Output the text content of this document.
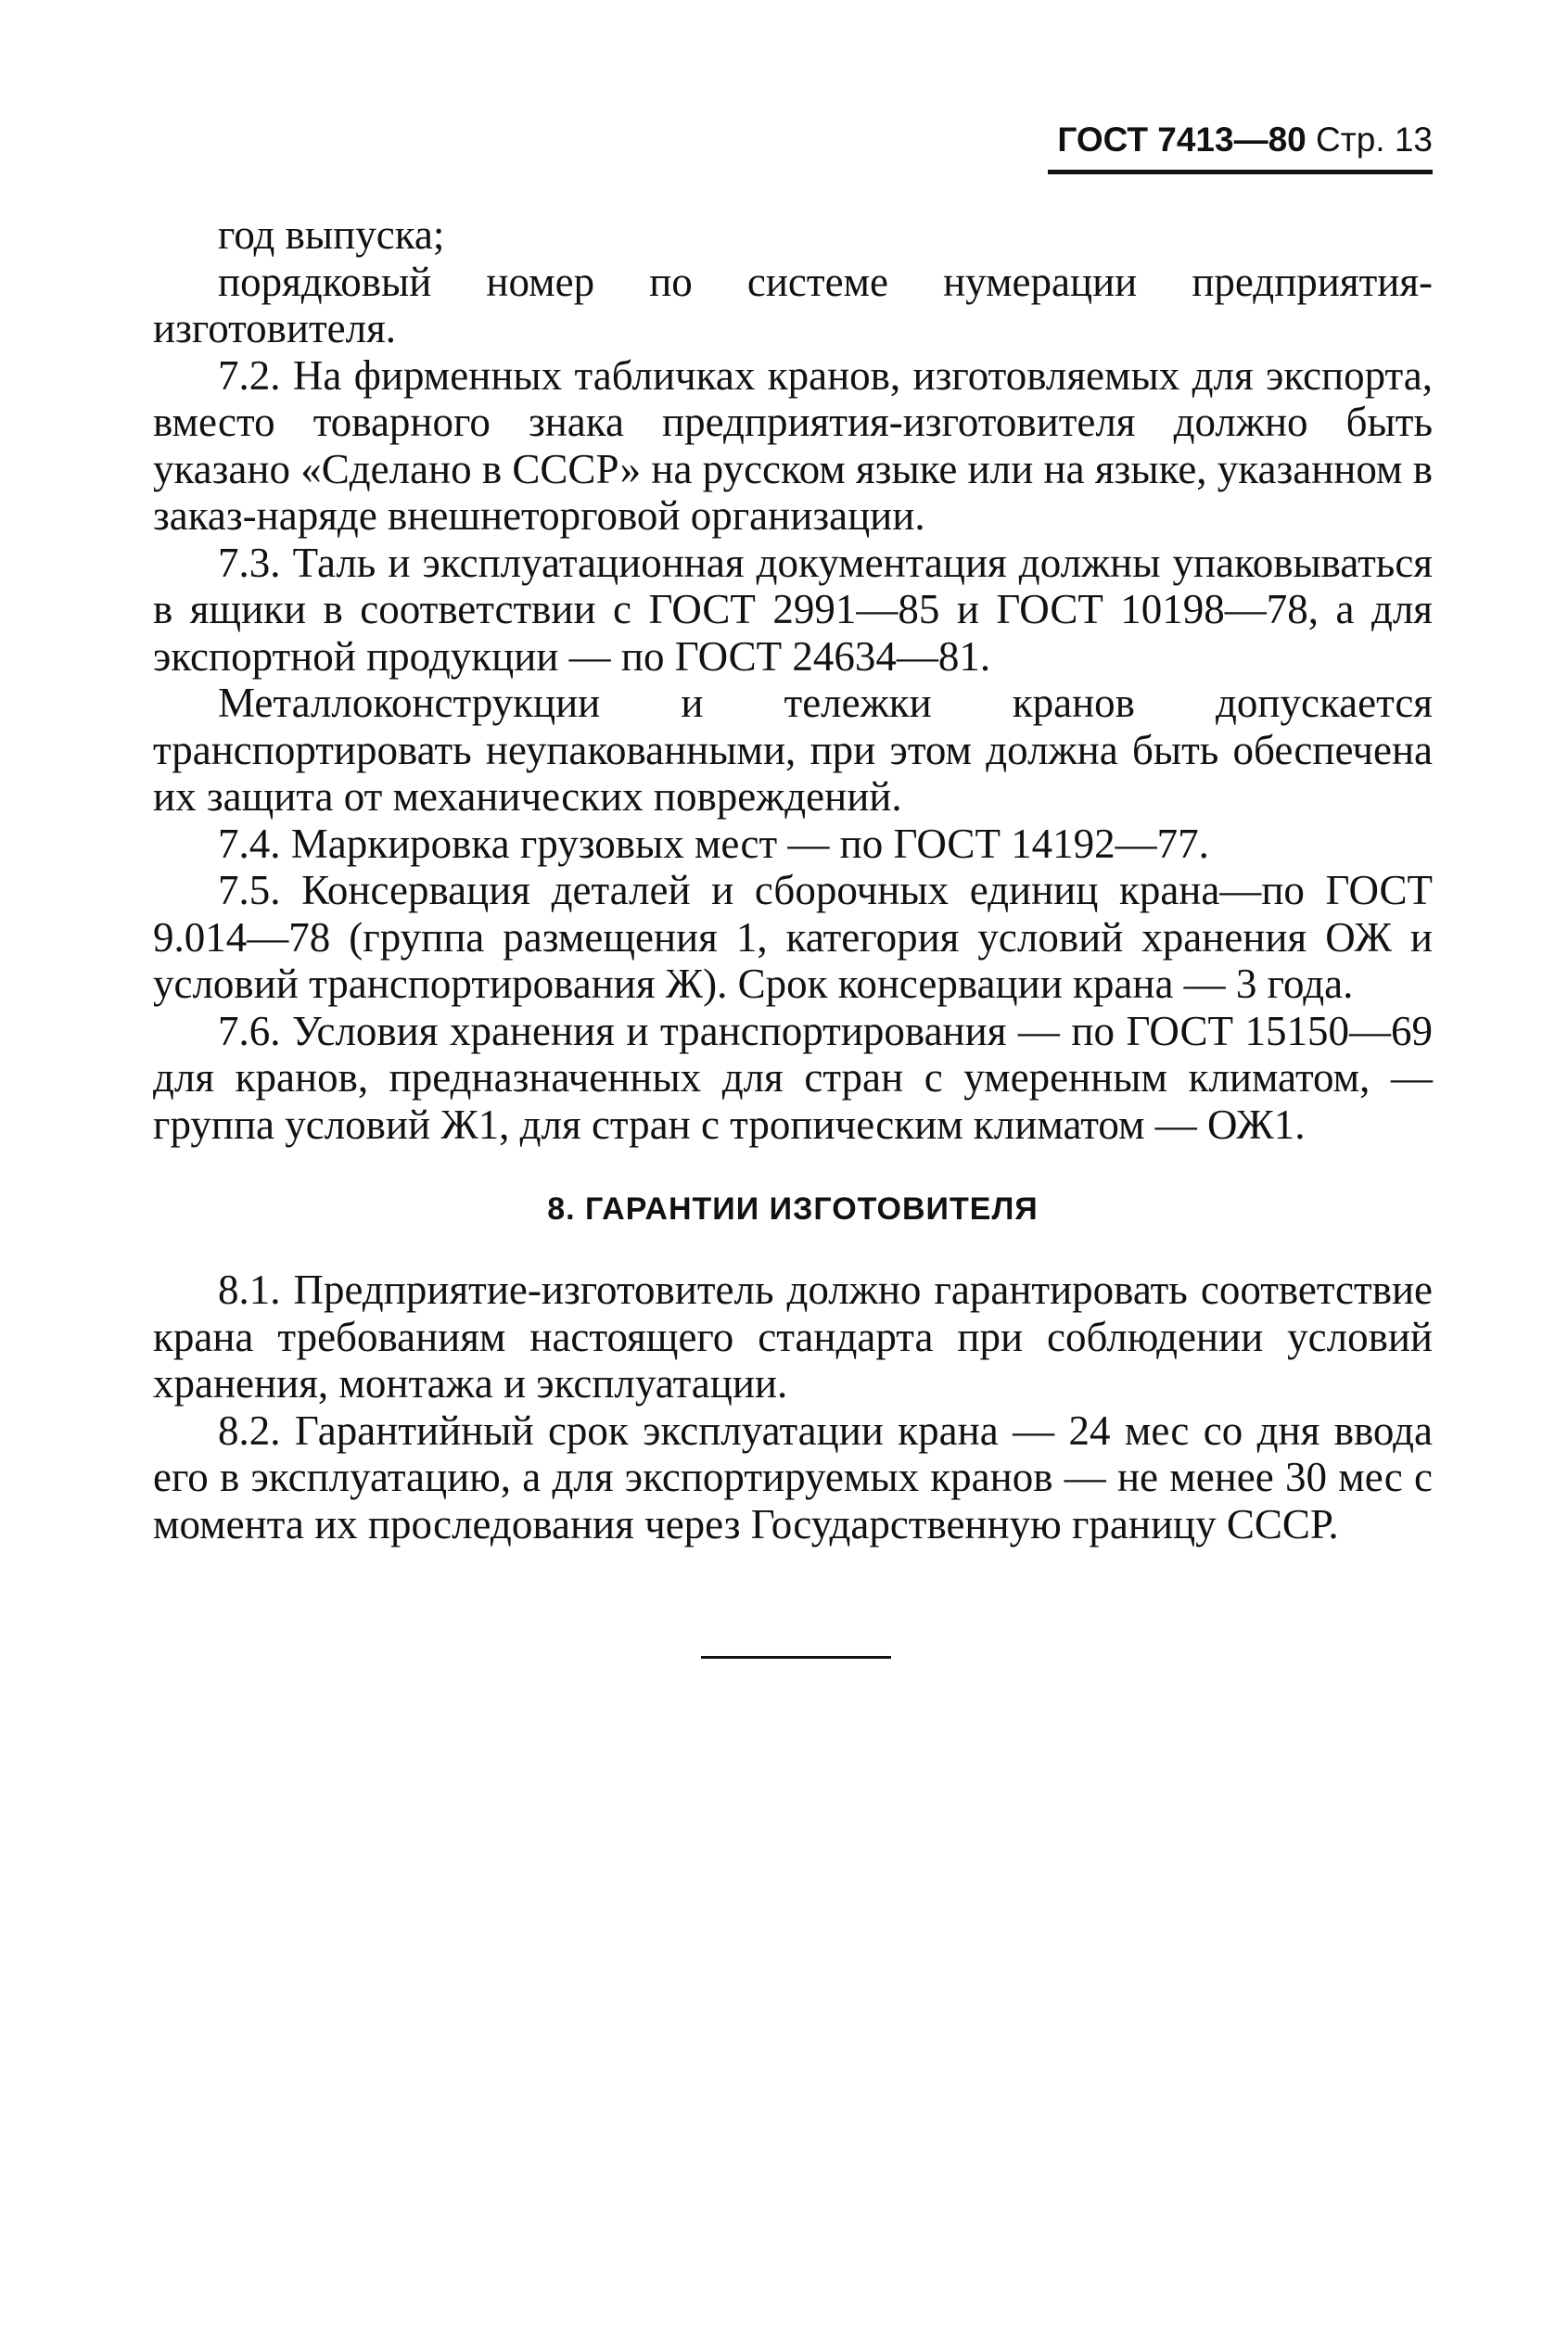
ГОСТ 7413—80 Стр. 13

год выпуска;

порядковый номер по системе нумерации предприятия-изготовителя.

7.2. На фирменных табличках кранов, изготовляемых для экспорта, вместо товарного знака предприятия-изготовителя должно быть указано «Сделано в СССР» на русском языке или на языке, указанном в заказ-наряде внешнеторговой организации.

7.3. Таль и эксплуатационная документация должны упаковываться в ящики в соответствии с ГОСТ 2991—85 и ГОСТ 10198—78, а для экспортной продукции — по ГОСТ 24634—81.

Металлоконструкции и тележки кранов допускается транспортировать неупакованными, при этом должна быть обеспечена их защита от механических повреждений.

7.4. Маркировка грузовых мест — по ГОСТ 14192—77.

7.5. Консервация деталей и сборочных единиц крана—по ГОСТ 9.014—78 (группа размещения 1, категория условий хранения ОЖ и условий транспортирования Ж). Срок консервации крана — 3 года.

7.6. Условия хранения и транспортирования — по ГОСТ 15150—69 для кранов, предназначенных для стран с умеренным климатом, — группа условий Ж1, для стран с тропическим климатом — ОЖ1.

8. ГАРАНТИИ ИЗГОТОВИТЕЛЯ

8.1. Предприятие-изготовитель должно гарантировать соответствие крана требованиям настоящего стандарта при соблюдении условий хранения, монтажа и эксплуатации.

8.2. Гарантийный срок эксплуатации крана — 24 мес со дня ввода его в эксплуатацию, а для экспортируемых кранов — не менее 30 мес с момента их проследования через Государственную границу СССР.
